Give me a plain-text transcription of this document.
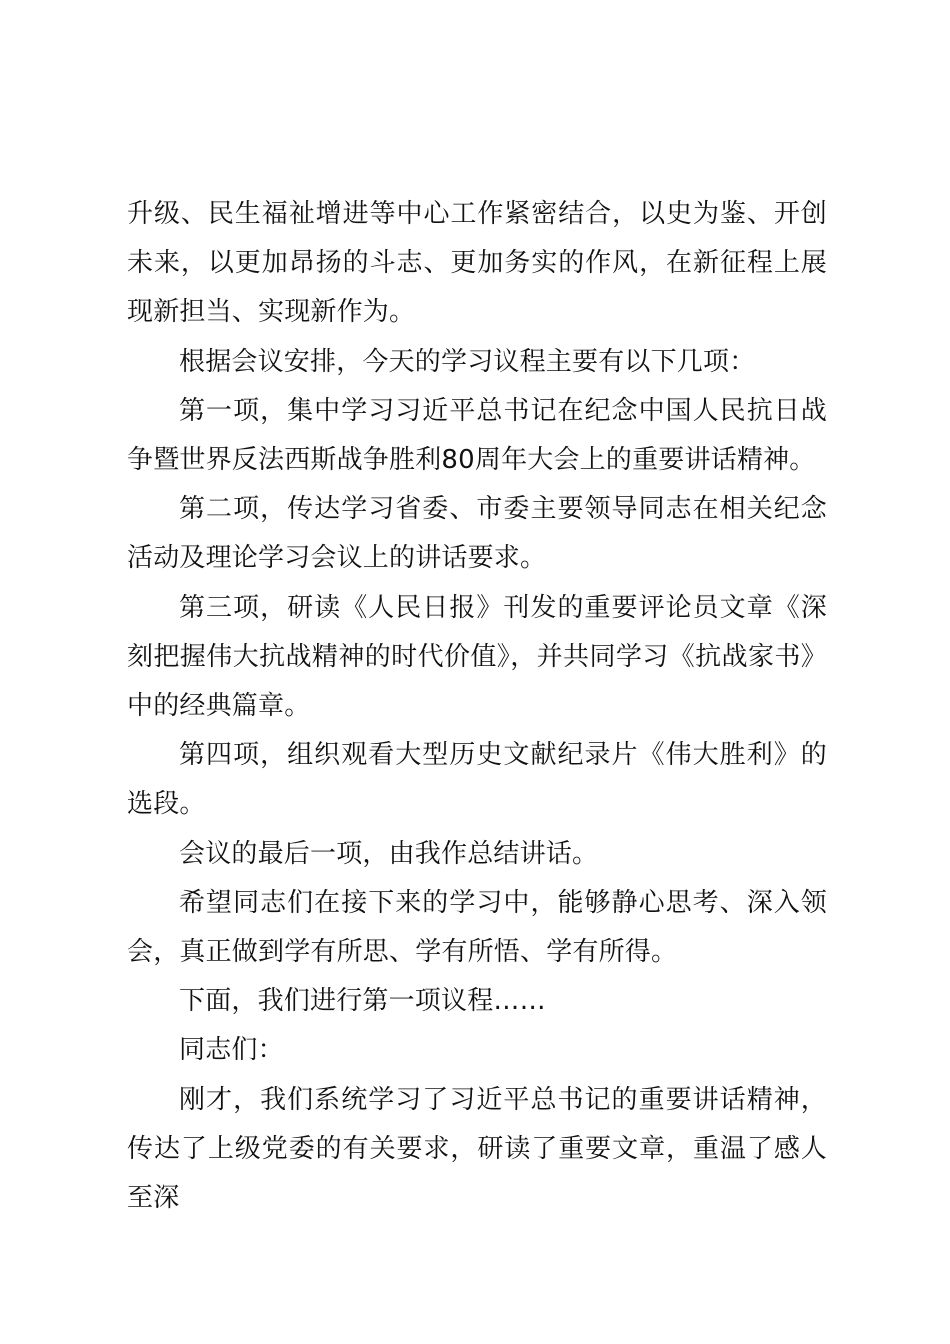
升级、民生福祉增进等中心工作紧密结合，以史为鉴、开创未来，以更加昂扬的斗志、更加务实的作风，在新征程上展现新担当、实现新作为。

根据会议安排，今天的学习议程主要有以下几项：

第一项，集中学习习近平总书记在纪念中国人民抗日战争暨世界反法西斯战争胜利80周年大会上的重要讲话精神。

第二项，传达学习省委、市委主要领导同志在相关纪念活动及理论学习会议上的讲话要求。

第三项，研读《人民日报》刊发的重要评论员文章《深刻把握伟大抗战精神的时代价值》，并共同学习《抗战家书》中的经典篇章。

第四项，组织观看大型历史文献纪录片《伟大胜利》的选段。

会议的最后一项，由我作总结讲话。

希望同志们在接下来的学习中，能够静心思考、深入领会，真正做到学有所思、学有所悟、学有所得。

下面，我们进行第一项议程……

同志们：

刚才，我们系统学习了习近平总书记的重要讲话精神，传达了上级党委的有关要求，研读了重要文章，重温了感人至深
